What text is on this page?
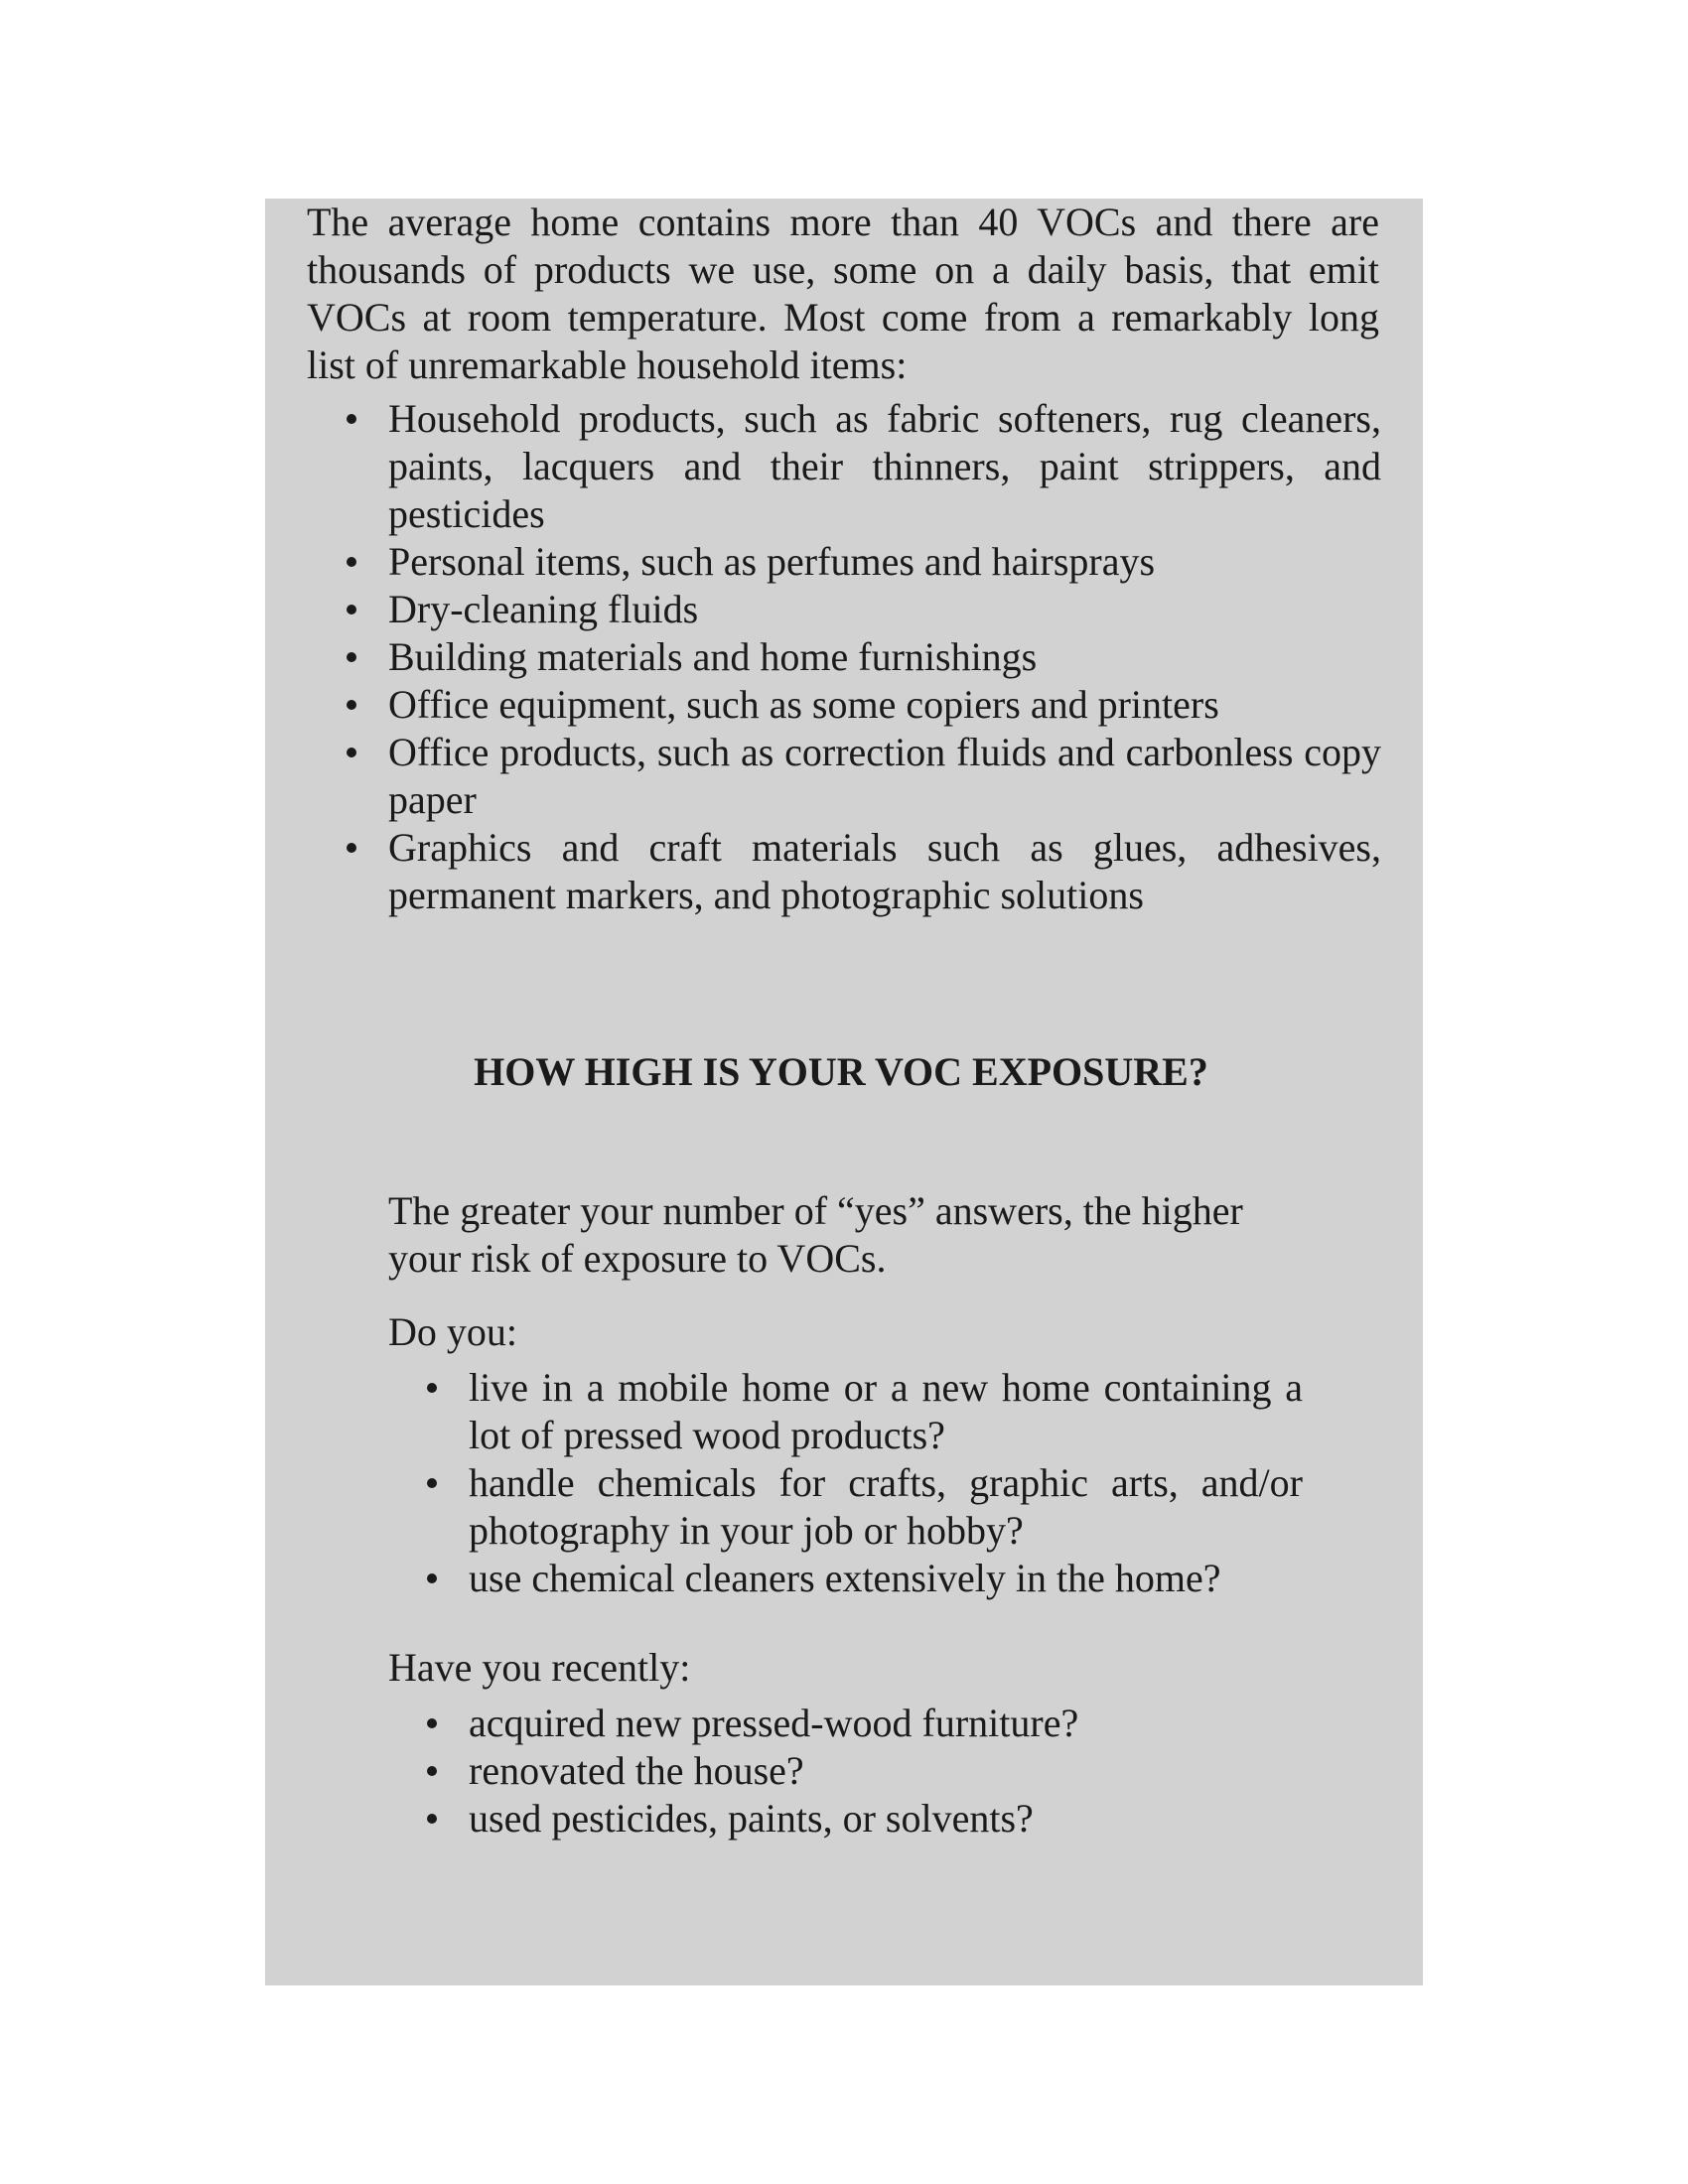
The average home contains more than 40 VOCs and there are thousands of products we use, some on a daily basis, that emit VOCs at room temperature. Most come from a remarkably long list of unremarkable household items:

Household products, such as fabric softeners, rug cleaners, paints, lacquers and their thinners, paint strippers, and pesticides
Personal items, such as perfumes and hairsprays
Dry-cleaning fluids
Building materials and home furnishings
Office equipment, such as some copiers and printers
Office products, such as correction fluids and carbonless copy paper
Graphics and craft materials such as glues, adhesives, permanent markers, and photographic solutions
HOW HIGH IS YOUR VOC EXPOSURE?

The greater your number of “yes” answers, the higher your risk of exposure to VOCs.

Do you:

live in a mobile home or a new home containing a lot of pressed wood products?
handle chemicals for crafts, graphic arts, and/or photography in your job or hobby?
use chemical cleaners extensively in the home?

Have you recently:

acquired new pressed-wood furniture?
renovated the house?
used pesticides, paints, or solvents?
